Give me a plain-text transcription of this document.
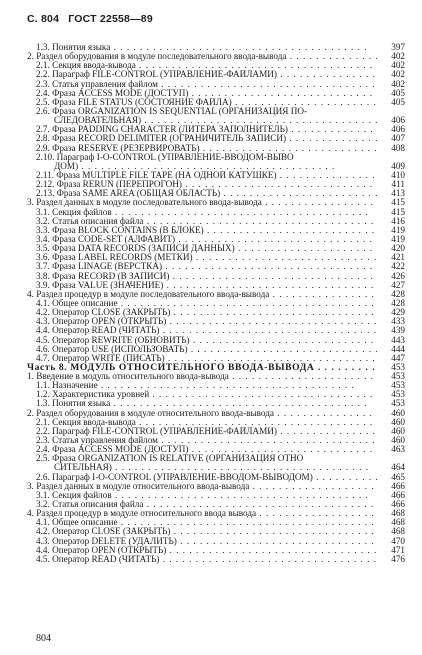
С. 804 ГОСТ 22558—89
1.3. Понятия языка . .	397
2. Раздел оборудования в модуле последовательного ввода-вывода . .	402
2.1. Секция ввода-вывода . .	402
2.2. Параграф FILE-CONTROL (УПРАВЛЕНИЕ-ФАЙЛАМИ) . .	402
2.3. Статья управления файлом . .	402
2.4. Фраза ACCESS MODE (ДОСТУП) . .	405
2.5. Фраза FILE STATUS (СОСТОЯНИЕ ФАЙЛА) . .	405
2.6. Фраза ORGANIZATION IS SEQUENTIAL (ОРГАНИЗАЦИЯ ПО-
СЛЕДОВАТЕЛЬНАЯ) . .	406
2.7. Фраза PADDING CHARACTER (ЛИТЕРА ЗАПОЛНИТЕЛЬ) . .	406
2.8. Фраза RECORD DELIMITER (ОГРАНИЧИТЕЛЬ ЗАПИСИ) . .	407
2.9. Фраза RESERVE (РЕЗЕРВИРОВАТЬ) . .	408
2.10. Параграф I-O-CONTROL (УПРАВЛЕНИЕ-ВВОДОМ-ВЫВО
ДОМ) . .	409
2.11. Фраза MULTIPLE FILE TAPE (НА ОДНОЙ КАТУШКЕ) . .	410
2.12. Фраза RERUN (ПЕРЕПРОГОН) . .	411
2.13. Фраза SAME AREA (ОБЩАЯ ОБЛАСТЬ) . .	413
3. Раздел данных в модуле последовательного ввода-вывода . .	415
3.1. Секция файлов . .	415
3.2. Статья описания файла . .	416
3.3. Фраза BLOCK CONTAINS (В БЛОКЕ) . .	419
3.4. Фраза CODE-SET (АЛФАВИТ) . .	419
3.5. Фраза DATA RECORDS (ЗАПИСИ ДАННЫХ) . .	420
3.6. Фраза LABEL RECORDS (МЕТКИ) . .	421
3.7. Фраза LINAGE (ВЕРСТКА) . .	422
3.8. Фраза RECORD (В ЗАПИСИ) . .	426
3.9. Фраза VALUE (ЗНАЧЕНИЕ) . .	427
4. Раздел процедур в модуле последовательного ввода-вывода . .	428
4.1. Общее описание . .	428
4.2. Оператор CLOSE (ЗАКРЫТЬ) . .	429
4.3. Оператор OPEN (ОТКРЫТЬ) . .	433
4.4. Оператор READ (ЧИТАТЬ) . .	439
4.5. Оператор REWRITE (ОБНОВИТЬ) . .	443
4.6. Оператор USE (ИСПОЛЬЗОВАТЬ) . .	444
4.7. Оператор WRITE (ПИСАТЬ) . .	447
Часть 8. МОДУЛЬ ОТНОСИТЕЛЬНОГО ВВОДА-ВЫВОДА . .	453
1. Введение в модуль относительного ввода-вывода . .	453
1.1. Назначение . .	453
1.2. Характеристика уровней . .	453
1.3. Понятия языка . .	453
2. Раздел оборудования в модуле относительного ввода-вывода . .	460
2.1. Секция ввода-вывода . .	460
2.2. Параграф FILE-CONTROL (УПРАВЛЕНИЕ-ФАЙЛАМИ) . .	460
2.3. Статья управления файлом . .	460
2.4. Фраза ACCESS MODE (ДОСТУП) . .	463
2.5. Фраза ORGANIZATION IS RELATIVE (ОРГАНИЗАЦИЯ ОТНО
СИТЕЛЬНАЯ) . .	464
2.6. Параграф I-O-CONTROL (УПРАВЛЕНИЕ-ВВОДОМ-ВЫВОДОМ) . .	465
3. Раздел данных в модуле относительного ввода-вывода . .	466
3.1. Секция файлов . .	466
3.2. Статья описания файла . .	466
4. Раздел процедур в модуле относительного ввода вывода . .	468
4.1. Общее описание . .	468
4.2. Оператор CLOSE (ЗАКРЫТЬ) . .	468
4.3. Оператор DELETE (УДАЛИТЬ) . .	470
4.4. Оператор OPEN (ОТКРЫТЬ) . .	471
4.5. Оператор READ (ЧИТАТЬ) . .	476
804
